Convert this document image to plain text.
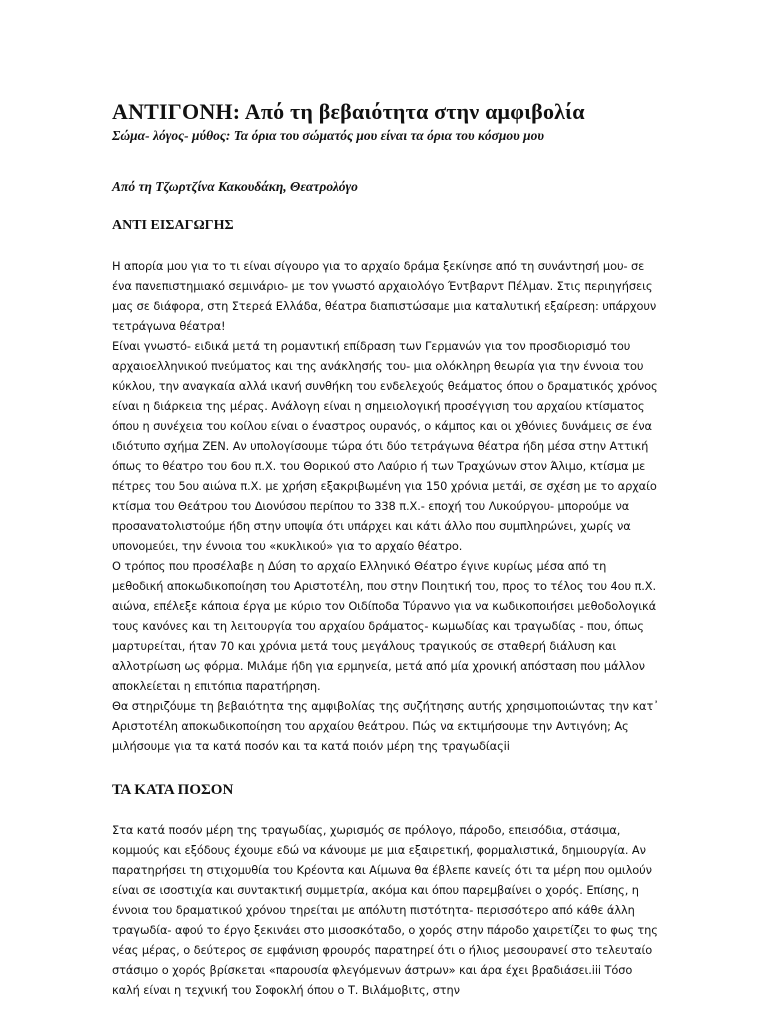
ΑΝΤΙΓΟΝΗ: Από τη βεβαιότητα στην αμφιβολία

Σώμα- λόγος- μύθος: Τα όρια του σώματός μου είναι τα όρια του κόσμου μου

Από τη Τζωρτζίνα Κακουδάκη, Θεατρολόγο

ΑΝΤΙ ΕΙΣΑΓΩΓΗΣ

Η απορία μου για το τι είναι σίγουρο για το αρχαίο δράμα ξεκίνησε από τη συνάντησή μου- σε ένα πανεπιστημιακό σεμινάριο- με τον γνωστό αρχαιολόγο Έντβαρντ Πέλμαν. Στις περιηγήσεις μας σε διάφορα, στη Στερεά Ελλάδα, θέατρα διαπιστώσαμε μια καταλυτική εξαίρεση: υπάρχουν τετράγωνα θέατρα!

Είναι γνωστό- ειδικά μετά τη ρομαντική επίδραση των Γερμανών για τον προσδιορισμό του αρχαιοελληνικού πνεύματος και της ανάκλησής του- μια ολόκληρη θεωρία για την έννοια του κύκλου, την αναγκαία αλλά ικανή συνθήκη του ενδελεχούς θεάματος όπου ο δραματικός χρόνος είναι η διάρκεια της μέρας. Ανάλογη είναι η σημειολογική προσέγγιση του αρχαίου κτίσματος όπου η συνέχεια του κοίλου είναι ο έναστρος ουρανός, ο κάμπος και οι χθόνιες δυνάμεις σε ένα ιδιότυπο σχήμα ΖΕΝ. Αν υπολογίσουμε τώρα ότι δύο τετράγωνα θέατρα ήδη μέσα στην Αττική όπως το θέατρο του 6ου π.Χ. του Θορικού στο Λαύριο ή των Τραχώνων στον Άλιμο, κτίσμα με πέτρες του 5ου αιώνα π.Χ. με χρήση εξακριβωμένη για 150 χρόνια μετάi, σε σχέση με το αρχαίο κτίσμα του Θεάτρου του Διονύσου περίπου το 338 π.Χ.- εποχή του Λυκούργου- μπορούμε να προσανατολιστούμε ήδη στην υποψία ότι υπάρχει και κάτι άλλο που συμπληρώνει, χωρίς να υπονομεύει, την έννοια του «κυκλικού» για το αρχαίο θέατρο.

Ο τρόπος που προσέλαβε η Δύση το αρχαίο Ελληνικό Θέατρο έγινε κυρίως μέσα από τη μεθοδική αποκωδικοποίηση του Αριστοτέλη, που στην Ποιητική του, προς το τέλος του 4ου π.Χ. αιώνα, επέλεξε κάποια έργα με κύριο τον Οιδίποδα Τύραννο για να κωδικοποιήσει μεθοδολογικά τους κανόνες και τη λειτουργία του αρχαίου δράματος- κωμωδίας και τραγωδίας - που, όπως μαρτυρείται, ήταν 70 και χρόνια μετά τους μεγάλους τραγικούς σε σταθερή διάλυση και αλλοτρίωση ως φόρμα. Μιλάμε ήδη για ερμηνεία, μετά από μία χρονική απόσταση που μάλλον αποκλείεται η επιτόπια παρατήρηση.

Θα στηριζόυμε τη βεβαιότητα της αμφιβολίας της συζήτησης αυτής χρησιμοποιώντας την κατ᾽ Αριστοτέλη αποκωδικοποίηση του αρχαίου θεάτρου. Πώς να εκτιμήσουμε την Αντιγόνη; Ας μιλήσουμε για τα κατά ποσόν και τα κατά ποιόν μέρη της τραγωδίαςii

ΤΑ ΚΑΤΑ ΠΟΣΟΝ

Στα κατά ποσόν μέρη της τραγωδίας, χωρισμός σε πρόλογο, πάροδο, επεισόδια, στάσιμα, κομμούς και εξόδους έχουμε εδώ να κάνουμε με μια εξαιρετική, φορμαλιστικά, δημιουργία. Αν παρατηρήσει τη στιχομυθία του Κρέοντα και Αίμωνα θα έβλεπε κανείς ότι τα μέρη που ομιλούν είναι σε ισοστιχία και συντακτική συμμετρία, ακόμα και όπου παρεμβαίνει ο χορός. Επίσης, η έννοια του δραματικού χρόνου τηρείται με απόλυτη πιστότητα- περισσότερο από κάθε άλλη τραγωδία- αφού το έργο ξεκινάει στο μισοσκόταδο, ο χορός στην πάροδο χαιρετίζει το φως της νέας μέρας, ο δεύτερος σε εμφάνιση φρουρός παρατηρεί ότι ο ήλιος μεσουρανεί στο τελευταίο στάσιμο ο χορός βρίσκεται «παρουσία φλεγόμενων άστρων» και άρα έχει βραδιάσει.iii Τόσο καλή είναι η τεχνική του Σοφοκλή όπου ο Τ. Βιλάμοβιτς, στην
